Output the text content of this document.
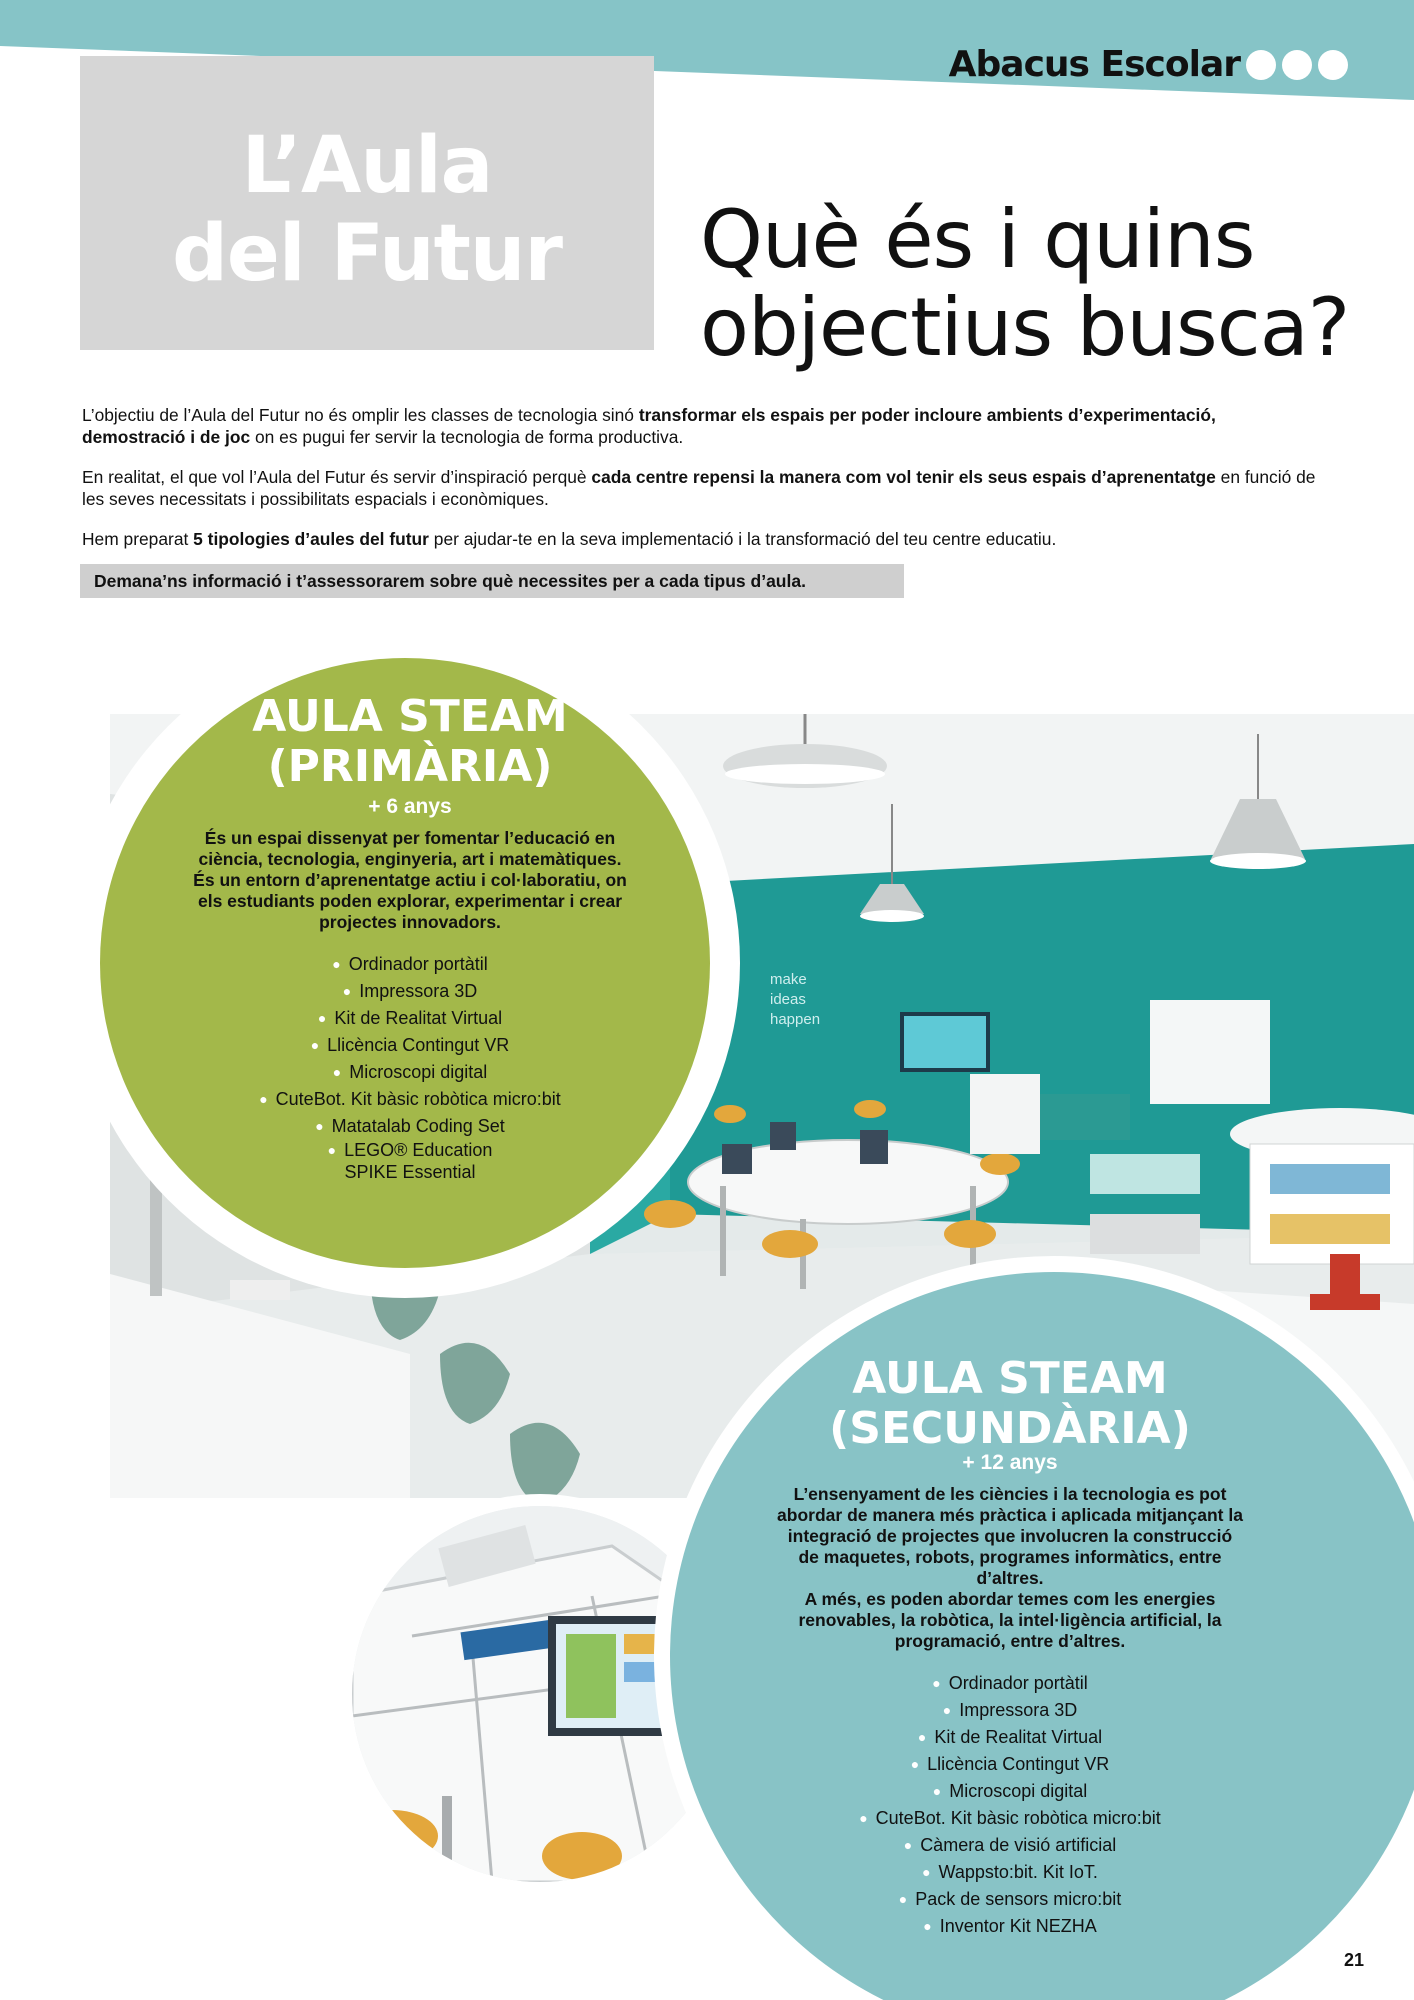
Abacus Escolar
L’Aula
del Futur	Què és i quins
objectius busca?

L’objectiu de l’Aula del Futur no és omplir les classes de tecnologia sinó transformar els espais per poder incloure ambients d’experimentació, demostració i de joc on es pugui fer servir la tecnologia de forma productiva.

En realitat, el que vol l’Aula del Futur és servir d’inspiració perquè cada centre repensi la manera com vol tenir els seus espais d’aprenentatge en funció de les seves necessitats i possibilitats espacials i econòmiques.

Hem preparat 5 tipologies d’aules del futur per ajudar-te en la seva implementació i la transformació del teu centre educatiu.

Demana’ns informació i t’assessorarem sobre què necessites per a cada tipus d’aula.
make
ideas
happen
AULA STEAM
(PRIMÀRIA)
+ 6 anys
És un espai dissenyat per fomentar l’educació en ciència, tecnologia, enginyeria, art i matemàtiques. És un entorn d’aprenentatge actiu i col·laboratiu, on els estudiants poden explorar, experimentar i crear projectes innovadors.
● Ordinador portàtil
● Impressora 3D
● Kit de Realitat Virtual
● Llicència Contingut VR
● Microscopi digital
● CuteBot. Kit bàsic robòtica micro:bit
● Matatalab Coding Set
● LEGO® Education
SPIKE Essential
AULA STEAM
(SECUNDÀRIA)
+ 12 anys
L’ensenyament de les ciències i la tecnologia es pot abordar de manera més pràctica i aplicada mitjançant la integració de projectes que involucren la construcció de maquetes, robots, programes informàtics, entre d’altres.
A més, es poden abordar temes com les energies renovables, la robòtica, la intel·ligència artificial, la programació, entre d’altres.
● Ordinador portàtil
● Impressora 3D
● Kit de Realitat Virtual
● Llicència Contingut VR
● Microscopi digital
● CuteBot. Kit bàsic robòtica micro:bit
● Càmera de visió artificial
● Wappsto:bit. Kit IoT.
● Pack de sensors micro:bit
● Inventor Kit NEZHA
21
